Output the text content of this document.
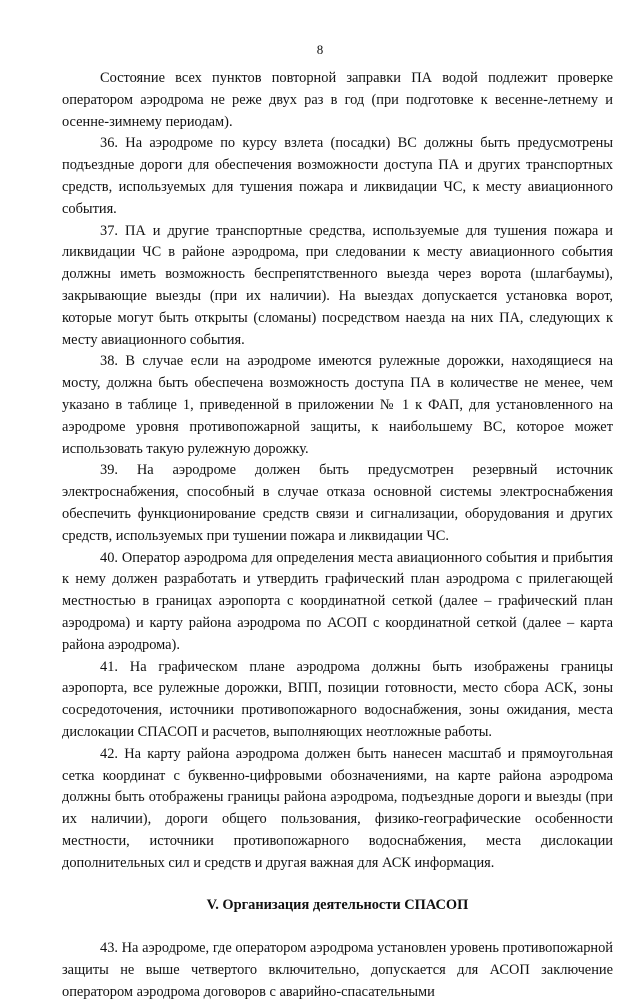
8

Состояние всех пунктов повторной заправки ПА водой подлежит проверке оператором аэродрома не реже двух раз в год (при подготовке к весенне-летнему и осенне-зимнему периодам).

36. На аэродроме по курсу взлета (посадки) ВС должны быть предусмотрены подъездные дороги для обеспечения возможности доступа ПА и других транспортных средств, используемых для тушения пожара и ликвидации ЧС, к месту авиационного события.

37. ПА и другие транспортные средства, используемые для тушения пожара и ликвидации ЧС в районе аэродрома, при следовании к месту авиационного события должны иметь возможность беспрепятственного выезда через ворота (шлагбаумы), закрывающие выезды (при их наличии). На выездах допускается установка ворот, которые могут быть открыты (сломаны) посредством наезда на них ПА, следующих к месту авиационного события.

38. В случае если на аэродроме имеются рулежные дорожки, находящиеся на мосту, должна быть обеспечена возможность доступа ПА в количестве не менее, чем указано в таблице 1, приведенной в приложении № 1 к ФАП, для установленного на аэродроме уровня противопожарной защиты, к наибольшему ВС, которое может использовать такую рулежную дорожку.

39. На аэродроме должен быть предусмотрен резервный источник электроснабжения, способный в случае отказа основной системы электроснабжения обеспечить функционирование средств связи и сигнализации, оборудования и других средств, используемых при тушении пожара и ликвидации ЧС.

40. Оператор аэродрома для определения места авиационного события и прибытия к нему должен разработать и утвердить графический план аэродрома с прилегающей местностью в границах аэропорта с координатной сеткой (далее – графический план аэродрома) и карту района аэродрома по АСОП с координатной сеткой (далее – карта района аэродрома).

41. На графическом плане аэродрома должны быть изображены границы аэропорта, все рулежные дорожки, ВПП, позиции готовности, место сбора АСК, зоны сосредоточения, источники противопожарного водоснабжения, зоны ожидания, места дислокации СПАСОП и расчетов, выполняющих неотложные работы.

42. На карту района аэродрома должен быть нанесен масштаб и прямоугольная сетка координат с буквенно-цифровыми обозначениями, на карте района аэродрома должны быть отображены границы района аэродрома, подъездные дороги и выезды (при их наличии), дороги общего пользования, физико-географические особенности местности, источники противопожарного водоснабжения, места дислокации дополнительных сил и средств и другая важная для АСК информация.

V. Организация деятельности СПАСОП

43. На аэродроме, где оператором аэродрома установлен уровень противопожарной защиты не выше четвертого включительно, допускается для АСОП заключение оператором аэродрома договоров с аварийно-спасательными
